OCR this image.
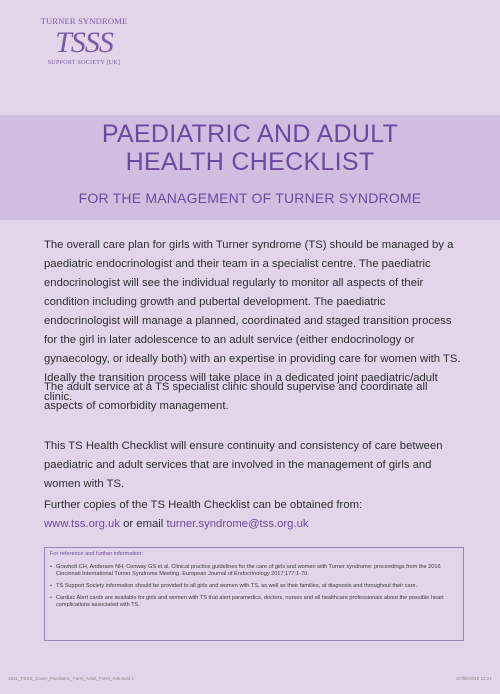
TURNER SYNDROME
TSSS
SUPPORT SOCIETY [UK]
PAEDIATRIC AND ADULT
HEALTH CHECKLIST
FOR THE MANAGEMENT OF TURNER SYNDROME
The overall care plan for girls with Turner syndrome (TS) should be managed by a paediatric endocrinologist and their team in a specialist centre. The paediatric endocrinologist will see the individual regularly to monitor all aspects of their condition including growth and pubertal development. The paediatric endocrinologist will manage a planned, coordinated and staged transition process for the girl in later adolescence to an adult service (either endocrinology or gynaecology, or ideally both) with an expertise in providing care for women with TS. Ideally the transition process will take place in a dedicated joint paediatric/adult clinic.
The adult service at a TS specialist clinic should supervise and coordinate all aspects of comorbidity management.
This TS Health Checklist will ensure continuity and consistency of care between paediatric and adult services that are involved in the management of girls and women with TS.
Further copies of the TS Health Checklist can be obtained from:
www.tss.org.uk or email turner.syndrome@tss.org.uk
For reference and further information:
• Gravholt CH, Andersen NH, Conway GS et al. Clinical practice guidelines for the care of girls and women with Turner syndrome: proceedings from the 2016 Cincinnati International Turner Syndrome Meeting. European Journal of Endocrinology 2017;177:1-70.
• TS Support Society information should be provided to all girls and women with TS, as well as their families, at diagnosis and throughout their care.
• Cardiac Alert cards are available for girls and women with TS that alert paramedics, doctors, nurses and all healthcare professionals about the possible heart complications associated with TS.
1611_TSSS_Cover_Paediatric_Form_Adult_Form_A4k.indd 1	27/06/2019 13:21
